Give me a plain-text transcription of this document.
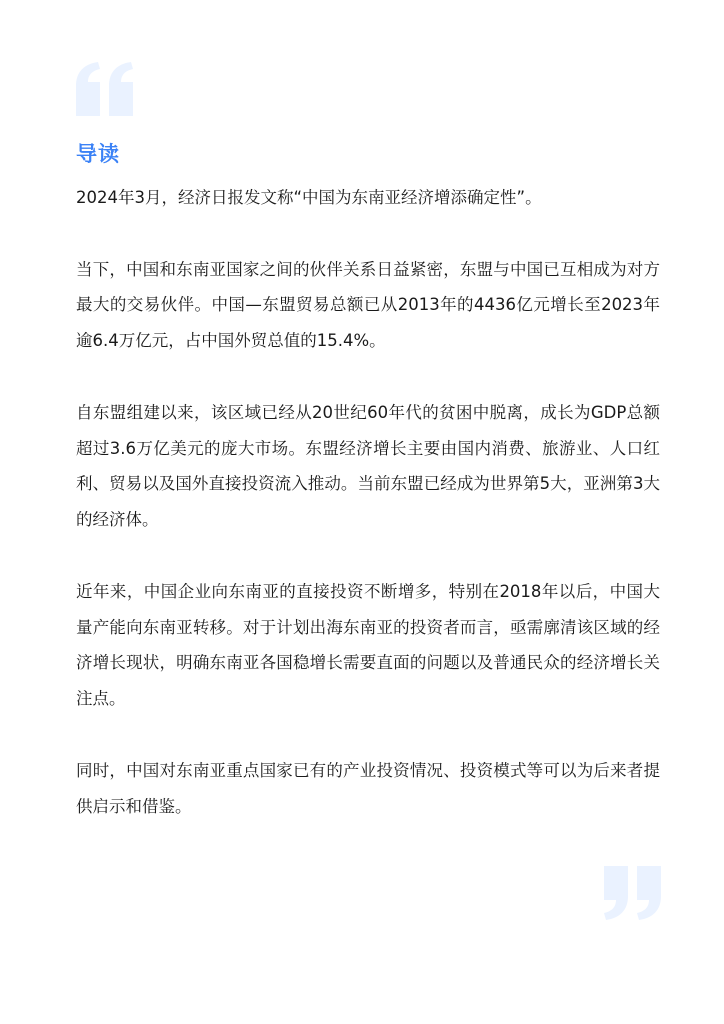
导读

2024年3月，经济日报发文称“中国为东南亚经济增添确定性”。

当下，中国和东南亚国家之间的伙伴关系日益紧密，东盟与中国已互相成为对方最大的交易伙伴。中国—东盟贸易总额已从2013年的4436亿元增长至2023年逾6.4万亿元，占中国外贸总值的15.4%。

自东盟组建以来，该区域已经从20世纪60年代的贫困中脱离，成长为GDP总额超过3.6万亿美元的庞大市场。东盟经济增长主要由国内消费、旅游业、人口红利、贸易以及国外直接投资流入推动。当前东盟已经成为世界第5大，亚洲第3大的经济体。

近年来，中国企业向东南亚的直接投资不断增多，特别在2018年以后，中国大量产能向东南亚转移。对于计划出海东南亚的投资者而言，亟需廓清该区域的经济增长现状，明确东南亚各国稳增长需要直面的问题以及普通民众的经济增长关注点。

同时，中国对东南亚重点国家已有的产业投资情况、投资模式等可以为后来者提供启示和借鉴。
